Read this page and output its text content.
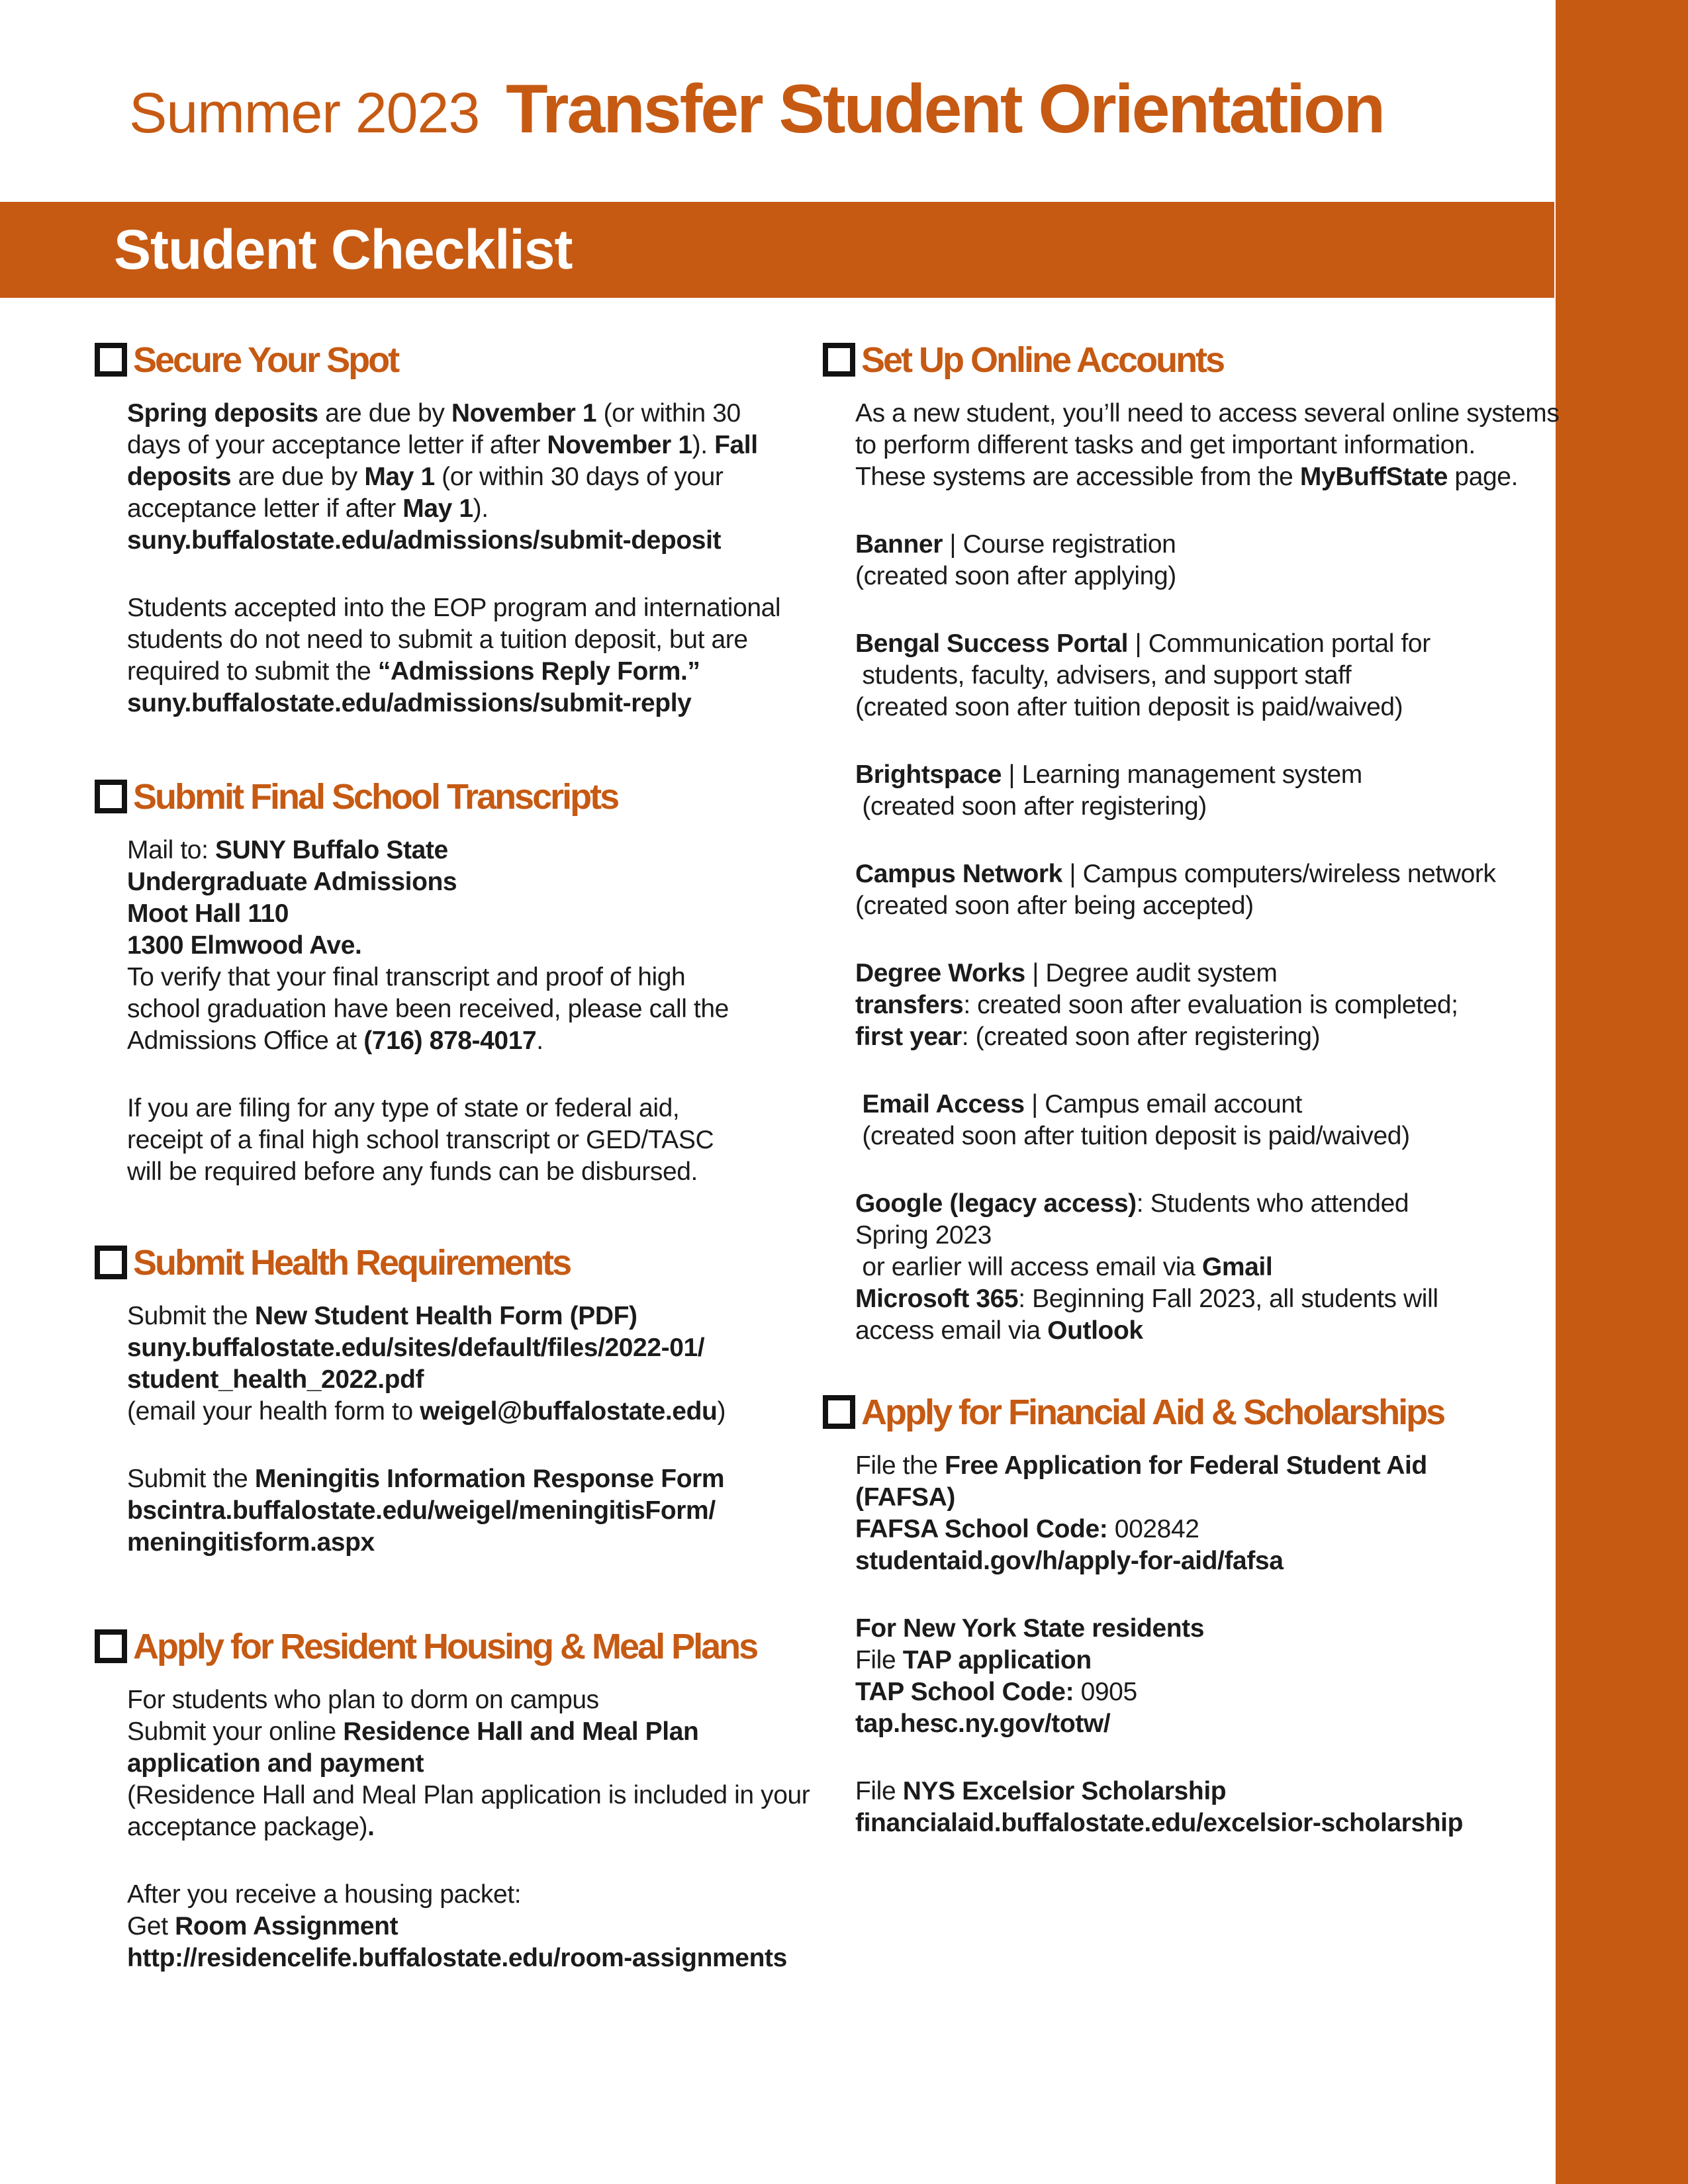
Summer 2023 Transfer Student Orientation
Student Checklist
Secure Your Spot
Spring deposits are due by November 1 (or within 30
days of your acceptance letter if after November 1). Fall
deposits are due by May 1 (or within 30 days of your
acceptance letter if after May 1).
suny.buffalostate.edu/admissions/submit-deposit
Students accepted into the EOP program and international
students do not need to submit a tuition deposit, but are
required to submit the “Admissions Reply Form.”
suny.buffalostate.edu/admissions/submit-reply
Submit Final School Transcripts
Mail to: SUNY Buffalo State
Undergraduate Admissions
Moot Hall 110
1300 Elmwood Ave.
To verify that your final transcript and proof of high
school graduation have been received, please call the
Admissions Office at (716) 878-4017.
If you are filing for any type of state or federal aid,
receipt of a final high school transcript or GED/TASC
will be required before any funds can be disbursed.
Submit Health Requirements
Submit the New Student Health Form (PDF)
suny.buffalostate.edu/sites/default/files/2022-01/
student_health_2022.pdf
(email your health form to weigel@buffalostate.edu)
Submit the Meningitis Information Response Form
bscintra.buffalostate.edu/weigel/meningitisForm/
meningitisform.aspx
Apply for Resident Housing & Meal Plans
For students who plan to dorm on campus
Submit your online Residence Hall and Meal Plan
application and payment
(Residence Hall and Meal Plan application is included in your
acceptance package).
After you receive a housing packet:
Get Room Assignment
http://residencelife.buffalostate.edu/room-assignments
Set Up Online Accounts
As a new student, you’ll need to access several online systems
to perform different tasks and get important information.
These systems are accessible from the MyBuffState page.
Banner | Course registration
(created soon after applying)
Bengal Success Portal | Communication portal for
students, faculty, advisers, and support staff
(created soon after tuition deposit is paid/waived)
Brightspace | Learning management system
(created soon after registering)
Campus Network | Campus computers/wireless network
(created soon after being accepted)
Degree Works | Degree audit system
transfers: created soon after evaluation is completed;
first year: (created soon after registering)
Email Access | Campus email account
(created soon after tuition deposit is paid/waived)
Google (legacy access): Students who attended
Spring 2023
or earlier will access email via Gmail
Microsoft 365: Beginning Fall 2023, all students will
access email via Outlook
Apply for Financial Aid & Scholarships
File the Free Application for Federal Student Aid
(FAFSA)
FAFSA School Code: 002842
studentaid.gov/h/apply-for-aid/fafsa
For New York State residents
File TAP application
TAP School Code: 0905
tap.hesc.ny.gov/totw/
File NYS Excelsior Scholarship
financialaid.buffalostate.edu/excelsior-scholarship
